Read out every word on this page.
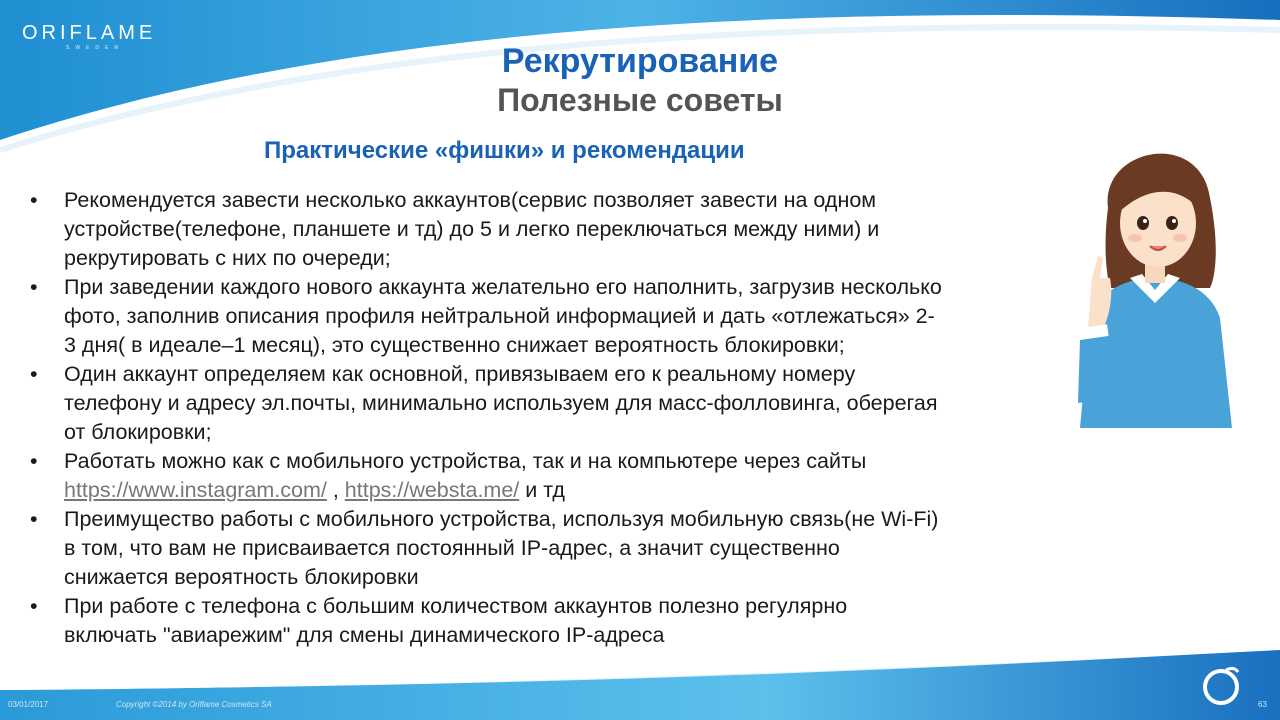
ORIFLAME
SWEDEN	Рекрутирование
Полезные советы
Практические «фишки» и рекомендации
• Рекомендуется завести несколько аккаунтов(сервис позволяет завести на одном
устройстве(телефоне, планшете и тд) до 5 и легко переключаться между ними) и
рекрутировать с них по очереди;
• При заведении каждого нового аккаунта желательно его наполнить, загрузив несколько
фото, заполнив описания профиля нейтральной информацией и дать «отлежаться» 2-
3 дня( в идеале–1 месяц), это существенно снижает вероятность блокировки;
• Один аккаунт определяем как основной, привязываем его к реальному номеру
телефону и адресу эл.почты, минимально используем для масс-фолловинга, оберегая
от блокировки;
• Работать можно как с мобильного устройства, так и на компьютере через сайты
https://www.instagram.com/ , https://websta.me/ и тд
• Преимущество работы с мобильного устройства, используя мобильную связь(не Wi-Fi)
в том, что вам не присваивается постоянный IP-адрес, а значит существенно
снижается вероятность блокировки
• При работе с телефона с большим количеством аккаунтов полезно регулярно
включать "авиарежим" для смены динамического IP-адреса
03/01/2017	Copyright ©2014 by Oriflame Cosmetics SA	63
